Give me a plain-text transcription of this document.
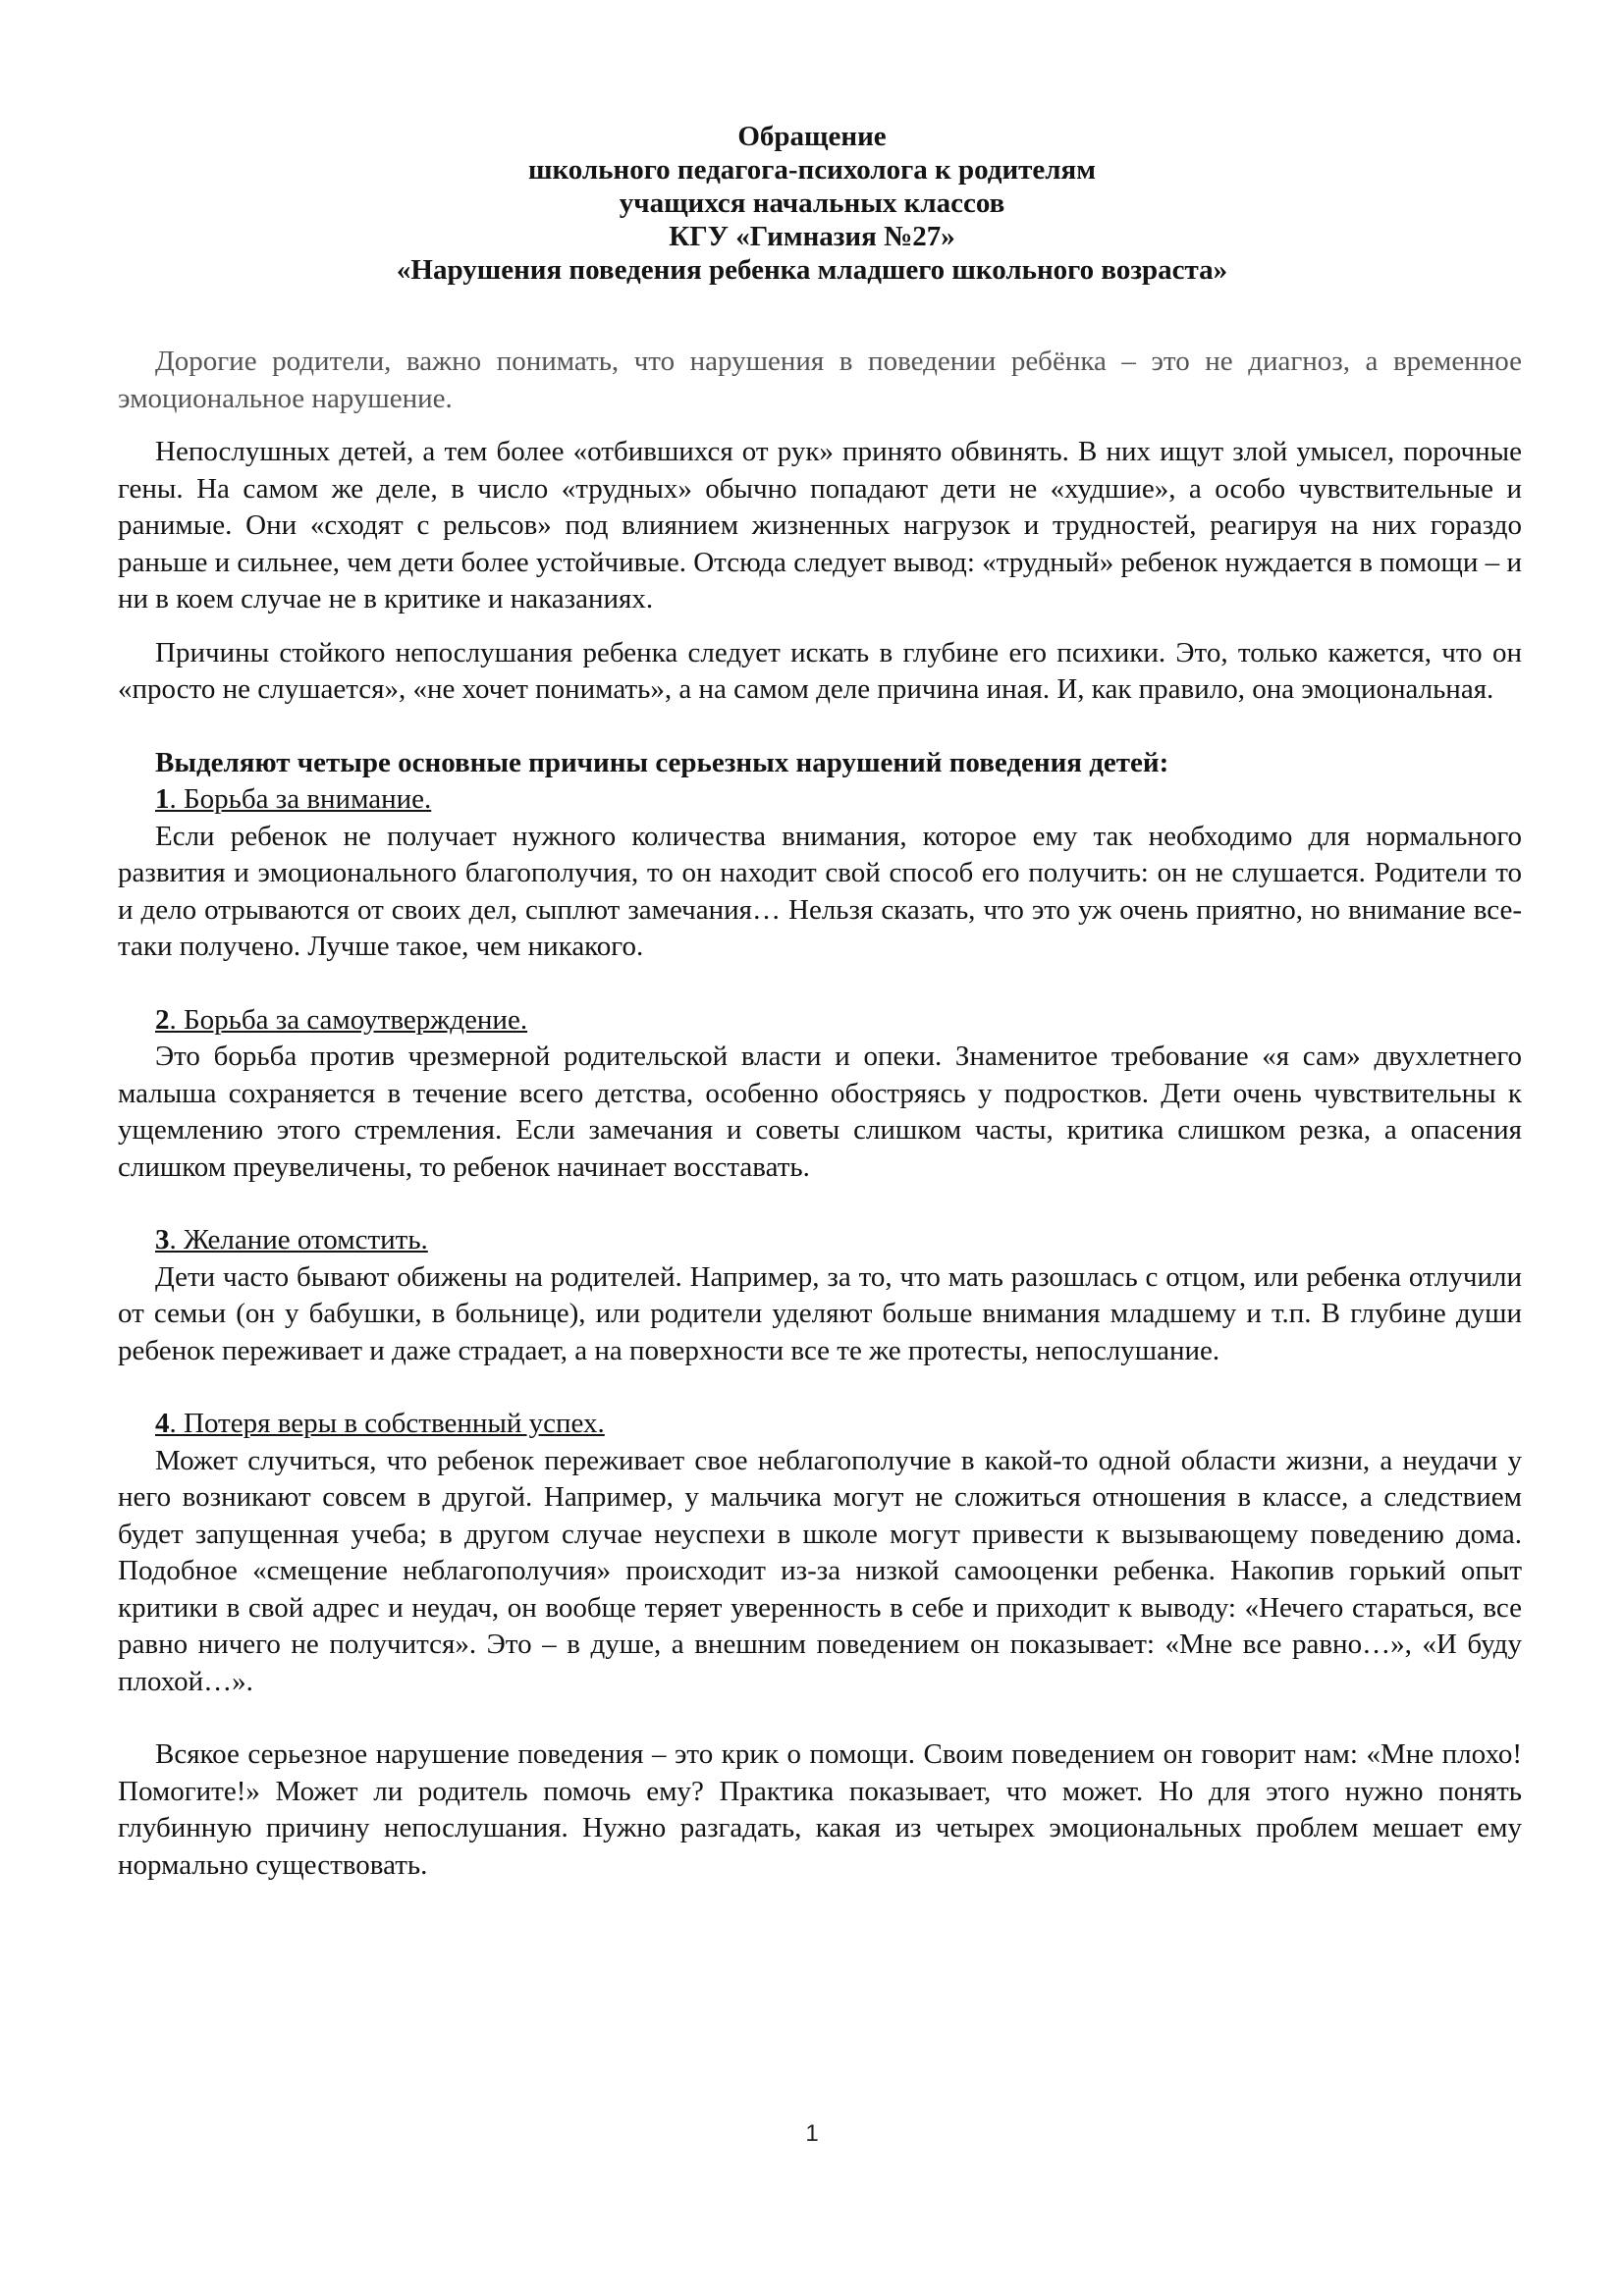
Обращение
школьного педагога-психолога к родителям
учащихся начальных классов
КГУ «Гимназия №27»
«Нарушения поведения ребенка младшего школьного возраста»

Дорогие родители, важно понимать, что нарушения в поведении ребёнка – это не диагноз, а временное эмоциональное нарушение.

Непослушных детей, а тем более «отбившихся от рук» принято обвинять. В них ищут злой умысел, порочные гены. На самом же деле, в число «трудных» обычно попадают дети не «худшие», а особо чувствительные и ранимые. Они «сходят с рельсов» под влиянием жизненных нагрузок и трудностей, реагируя на них гораздо раньше и сильнее, чем дети более устойчивые. Отсюда следует вывод: «трудный» ребенок нуждается в помощи – и ни в коем случае не в критике и наказаниях.

Причины стойкого непослушания ребенка следует искать в глубине его психики. Это, только кажется, что он «просто не слушается», «не хочет понимать», а на самом деле причина иная. И, как правило, она эмоциональная.

Выделяют четыре основные причины серьезных нарушений поведения детей:

1. Борьба за внимание.

Если ребенок не получает нужного количества внимания, которое ему так необходимо для нормального развития и эмоционального благополучия, то он находит свой способ его получить: он не слушается. Родители то и дело отрываются от своих дел, сыплют замечания… Нельзя сказать, что это уж очень приятно, но внимание все-таки получено. Лучше такое, чем никакого.

2. Борьба за самоутверждение.

Это борьба против чрезмерной родительской власти и опеки. Знаменитое требование «я сам» двухлетнего малыша сохраняется в течение всего детства, особенно обостряясь у подростков. Дети очень чувствительны к ущемлению этого стремления. Если замечания и советы слишком часты, критика слишком резка, а опасения слишком преувеличены, то ребенок начинает восставать.

3. Желание отомстить.

Дети часто бывают обижены на родителей. Например, за то, что мать разошлась с отцом, или ребенка отлучили от семьи (он у бабушки, в больнице), или родители уделяют больше внимания младшему и т.п. В глубине души ребенок переживает и даже страдает, а на поверхности все те же протесты, непослушание.

4. Потеря веры в собственный успех.

Может случиться, что ребенок переживает свое неблагополучие в какой-то одной области жизни, а неудачи у него возникают совсем в другой. Например, у мальчика могут не сложиться отношения в классе, а следствием будет запущенная учеба; в другом случае неуспехи в школе могут привести к вызывающему поведению дома. Подобное «смещение неблагополучия» происходит из-за низкой самооценки ребенка. Накопив горький опыт критики в свой адрес и неудач, он вообще теряет уверенность в себе и приходит к выводу: «Нечего стараться, все равно ничего не получится». Это – в душе, а внешним поведением он показывает: «Мне все равно…», «И буду плохой…».

Всякое серьезное нарушение поведения – это крик о помощи. Своим поведением он говорит нам: «Мне плохо! Помогите!» Может ли родитель помочь ему? Практика показывает, что может. Но для этого нужно понять глубинную причину непослушания. Нужно разгадать, какая из четырех эмоциональных проблем мешает ему нормально существовать.

1
